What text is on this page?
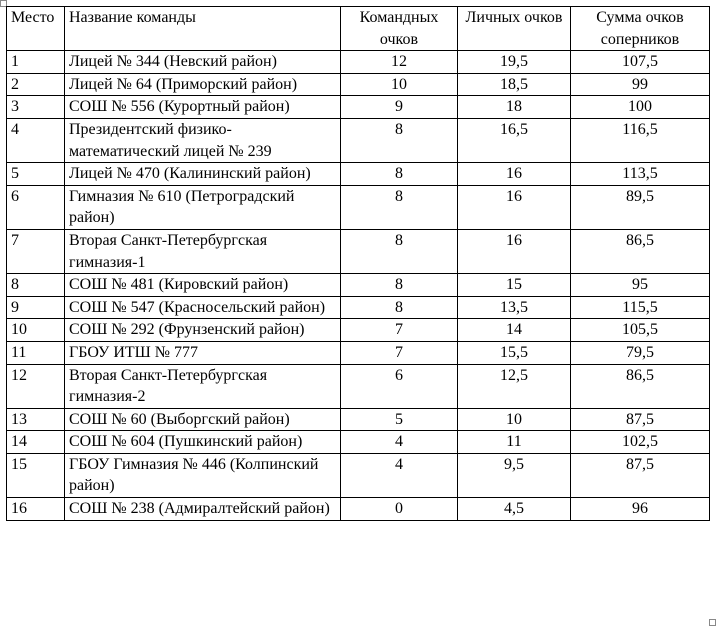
Место	Название команды	Командных очков	Личных очков	Сумма очков соперников
1	Лицей № 344 (Невский район)	12	19,5	107,5
2	Лицей № 64 (Приморский район)	10	18,5	99
3	СОШ № 556 (Курортный район)	9	18	100
4	Президентский физико-математический лицей № 239	8	16,5	116,5
5	Лицей № 470 (Калининский район)	8	16	113,5
6	Гимназия № 610 (Петроградский район)	8	16	89,5
7	Вторая Санкт-Петербургская гимназия-1	8	16	86,5
8	СОШ № 481 (Кировский район)	8	15	95
9	СОШ № 547 (Красносельский район)	8	13,5	115,5
10	СОШ № 292 (Фрунзенский район)	7	14	105,5
11	ГБОУ ИТШ № 777	7	15,5	79,5
12	Вторая Санкт-Петербургская гимназия-2	6	12,5	86,5
13	СОШ № 60 (Выборгский район)	5	10	87,5
14	СОШ № 604 (Пушкинский район)	4	11	102,5
15	ГБОУ Гимназия № 446 (Колпинский район)	4	9,5	87,5
16	СОШ № 238 (Адмиралтейский район)	0	4,5	96
